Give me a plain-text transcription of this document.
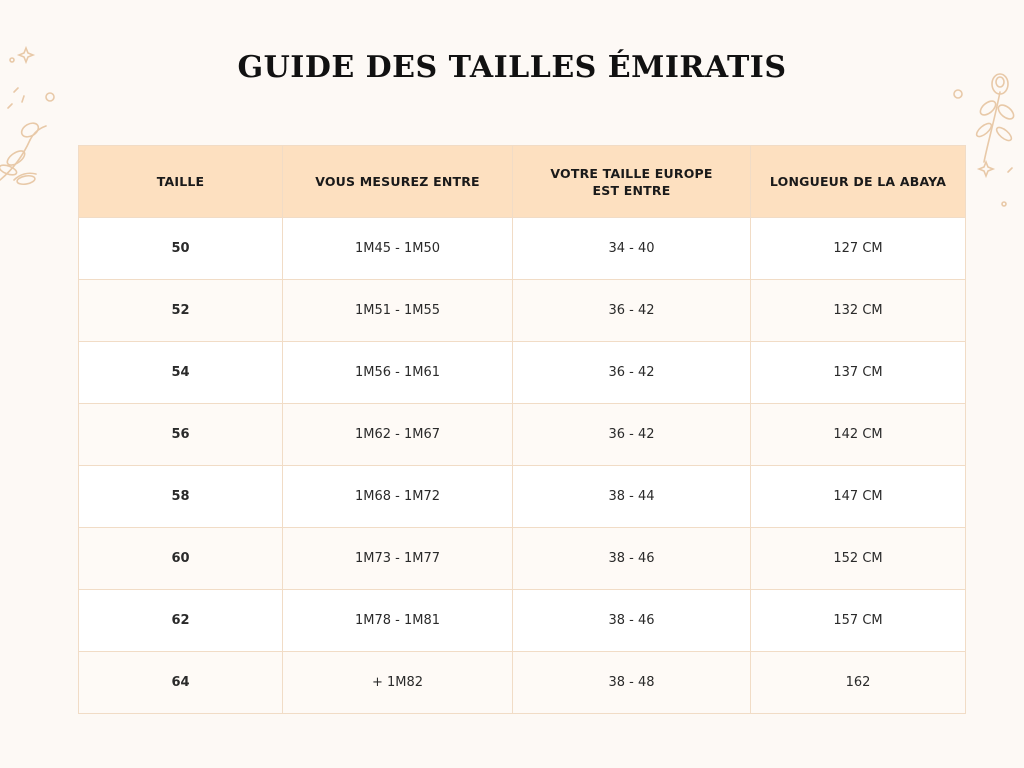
GUIDE DES TAILLES ÉMIRATIS
TAILLE	VOUS MESUREZ ENTRE	VOTRE TAILLE EUROPE EST ENTRE	LONGUEUR DE LA ABAYA
50	1M45 - 1M50	34 - 40	127 CM
52	1M51 - 1M55	36 - 42	132 CM
54	1M56 - 1M61	36 - 42	137 CM
56	1M62 - 1M67	36 - 42	142 CM
58	1M68 - 1M72	38 - 44	147 CM
60	1M73 - 1M77	38 - 46	152 CM
62	1M78 - 1M81	38 - 46	157 CM
64	+ 1M82	38 - 48	162
